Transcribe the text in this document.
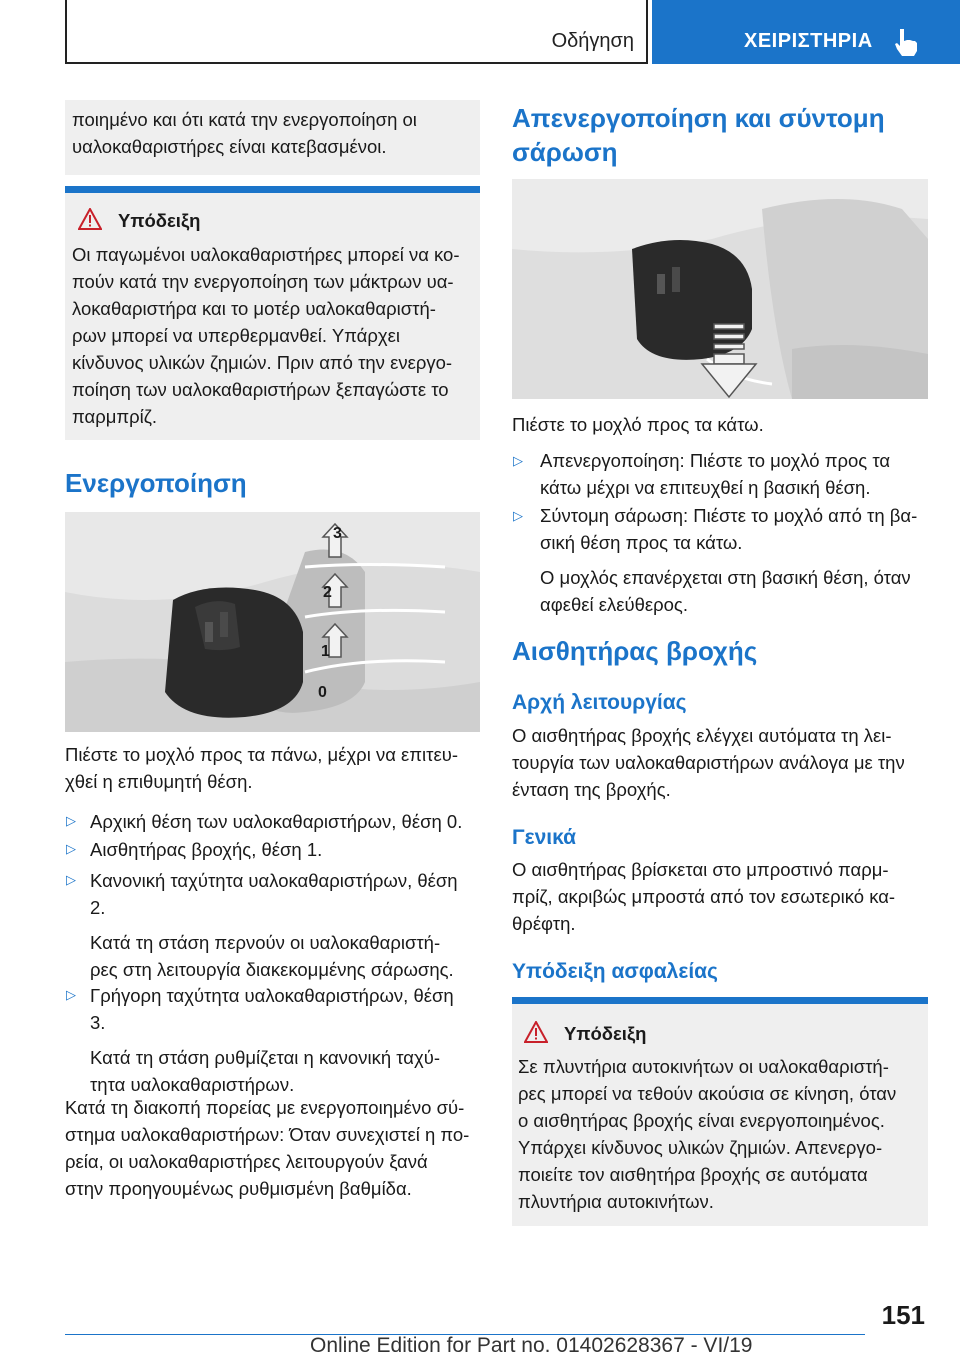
Οδήγηση	ΧΕΙΡΙΣΤΗΡΙΑ
ποιημένο και ότι κατά την ενεργοποίηση οι υαλοκαθαριστήρες είναι κατεβασμένοι.
Υπόδειξη
Οι παγωμένοι υαλοκαθαριστήρες μπορεί να κο-
πούν κατά την ενεργοποίηση των μάκτρων υα-
λοκαθαριστήρα και το μοτέρ υαλοκαθαριστή-
ρων μπορεί να υπερθερμανθεί. Υπάρχει
κίνδυνος υλικών ζημιών. Πριν από την ενεργο-
ποίηση των υαλοκαθαριστήρων ξεπαγώστε το
παρμπρίζ.
Ενεργοποίηση
3
2
1
0
Πιέστε το μοχλό προς τα πάνω, μέχρι να επιτευ-
χθεί η επιθυμητή θέση.
▷ Αρχική θέση των υαλοκαθαριστήρων, θέση 0.
▷ Αισθητήρας βροχής, θέση 1.
▷ Κανονική ταχύτητα υαλοκαθαριστήρων, θέση
2.
Κατά τη στάση περνούν οι υαλοκαθαριστή-
ρες στη λειτουργία διακεκομμένης σάρωσης.
▷ Γρήγορη ταχύτητα υαλοκαθαριστήρων, θέση
3.
Κατά τη στάση ρυθμίζεται η κανονική ταχύ-
τητα υαλοκαθαριστήρων.
Κατά τη διακοπή πορείας με ενεργοποιημένο σύ-
στημα υαλοκαθαριστήρων: Όταν συνεχιστεί η πο-
ρεία, οι υαλοκαθαριστήρες λειτουργούν ξανά
στην προηγουμένως ρυθμισμένη βαθμίδα.
Απενεργοποίηση και σύντομη
σάρωση
Πιέστε το μοχλό προς τα κάτω.
▷ Απενεργοποίηση: Πιέστε το μοχλό προς τα
κάτω μέχρι να επιτευχθεί η βασική θέση.
▷ Σύντομη σάρωση: Πιέστε το μοχλό από τη βα-
σική θέση προς τα κάτω.
Ο μοχλός επανέρχεται στη βασική θέση, όταν
αφεθεί ελεύθερος.
Αισθητήρας βροχής
Αρχή λειτουργίας
Ο αισθητήρας βροχής ελέγχει αυτόματα τη λει-
τουργία των υαλοκαθαριστήρων ανάλογα με την
ένταση της βροχής.
Γενικά
Ο αισθητήρας βρίσκεται στο μπροστινό παρμ-
πρίζ, ακριβώς μπροστά από τον εσωτερικό κα-
θρέφτη.
Υπόδειξη ασφαλείας
Υπόδειξη
Σε πλυντήρια αυτοκινήτων οι υαλοκαθαριστή-
ρες μπορεί να τεθούν ακούσια σε κίνηση, όταν
ο αισθητήρας βροχής είναι ενεργοποιημένος.
Υπάρχει κίνδυνος υλικών ζημιών. Απενεργο-
ποιείτε τον αισθητήρα βροχής σε αυτόματα
πλυντήρια αυτοκινήτων.
151
Online Edition for Part no. 01402628367 - VI/19
